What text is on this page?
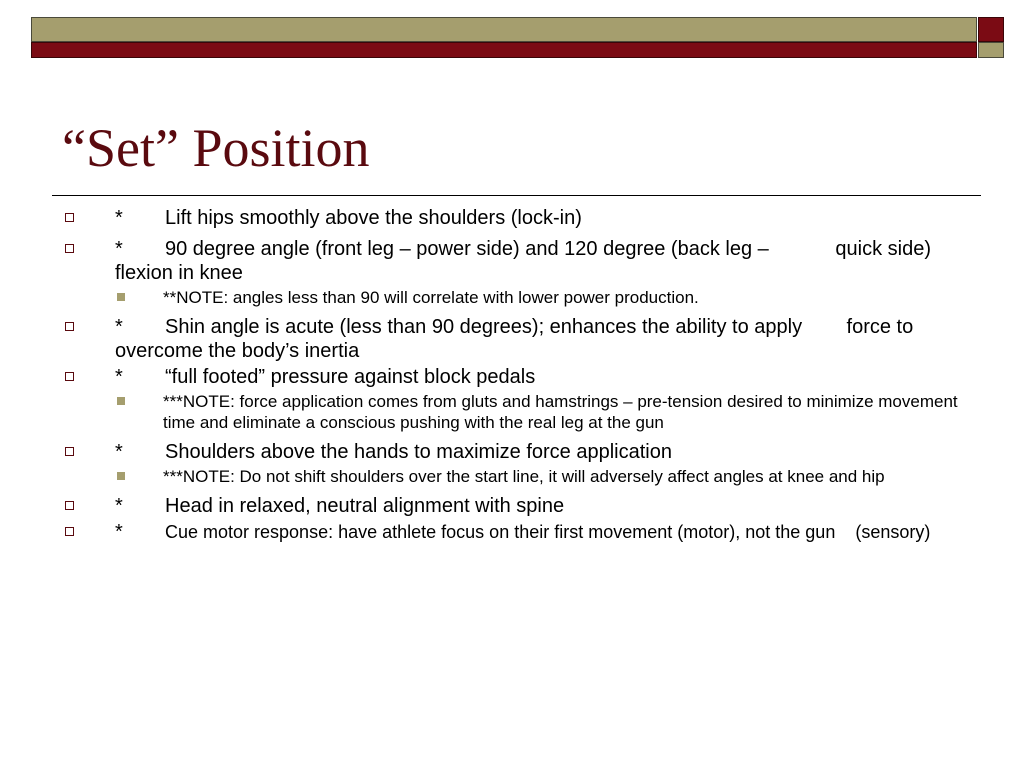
“Set” Position
* Lift hips smoothly above the shoulders (lock-in)
* 90 degree angle (front leg – power side) and 120 degree (back leg –            quick side) flexion in knee
**NOTE: angles less than 90 will correlate with lower power production.
* Shin angle is acute (less than 90 degrees); enhances the ability to apply        force to overcome the body’s inertia
* “full footed” pressure against block pedals
***NOTE: force application comes from gluts and hamstrings – pre-tension desired to minimize movement time and eliminate a conscious pushing with the real leg at the gun
* Shoulders above the hands to maximize force application
***NOTE: Do not shift shoulders over the start line, it will adversely affect angles at knee and hip
* Head in relaxed, neutral alignment with spine
* Cue motor response: have athlete focus on their first movement (motor), not the gun    (sensory)
